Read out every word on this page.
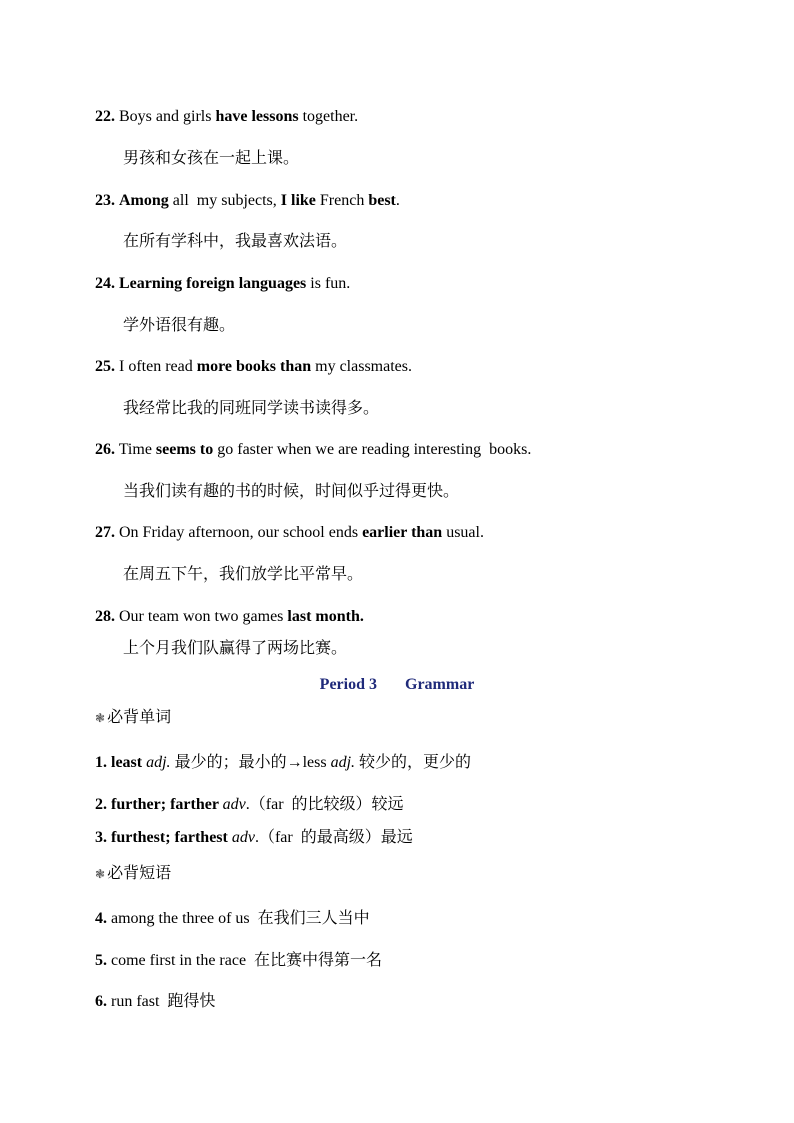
22. Boys and girls have lessons together.
男孩和女孩在一起上课。
23. Among all  my subjects, I like French best.
在所有学科中，我最喜欢法语。
24. Learning foreign languages is fun.
学外语很有趣。
25. I often read more books than my classmates.
我经常比我的同班同学读书读得多。
26. Time seems to go faster when we are reading interesting  books.
当我们读有趣的书的时候，时间似乎过得更快。
27. On Friday afternoon, our school ends earlier than usual.
在周五下午，我们放学比平常早。
28. Our team won two games last month.
上个月我们队赢得了两场比赛。
Period 3 Grammar
❃ 必背单词
1. least adj. 最少的；最小的→less adj. 较少的，更少的
2. further; farther adv.（far  的比较级）较远
3. furthest; farthest adv.（far  的最高级）最远
❃ 必背短语
4. among the three of us  在我们三人当中
5. come first in the race  在比赛中得第一名
6. run fast  跑得快
